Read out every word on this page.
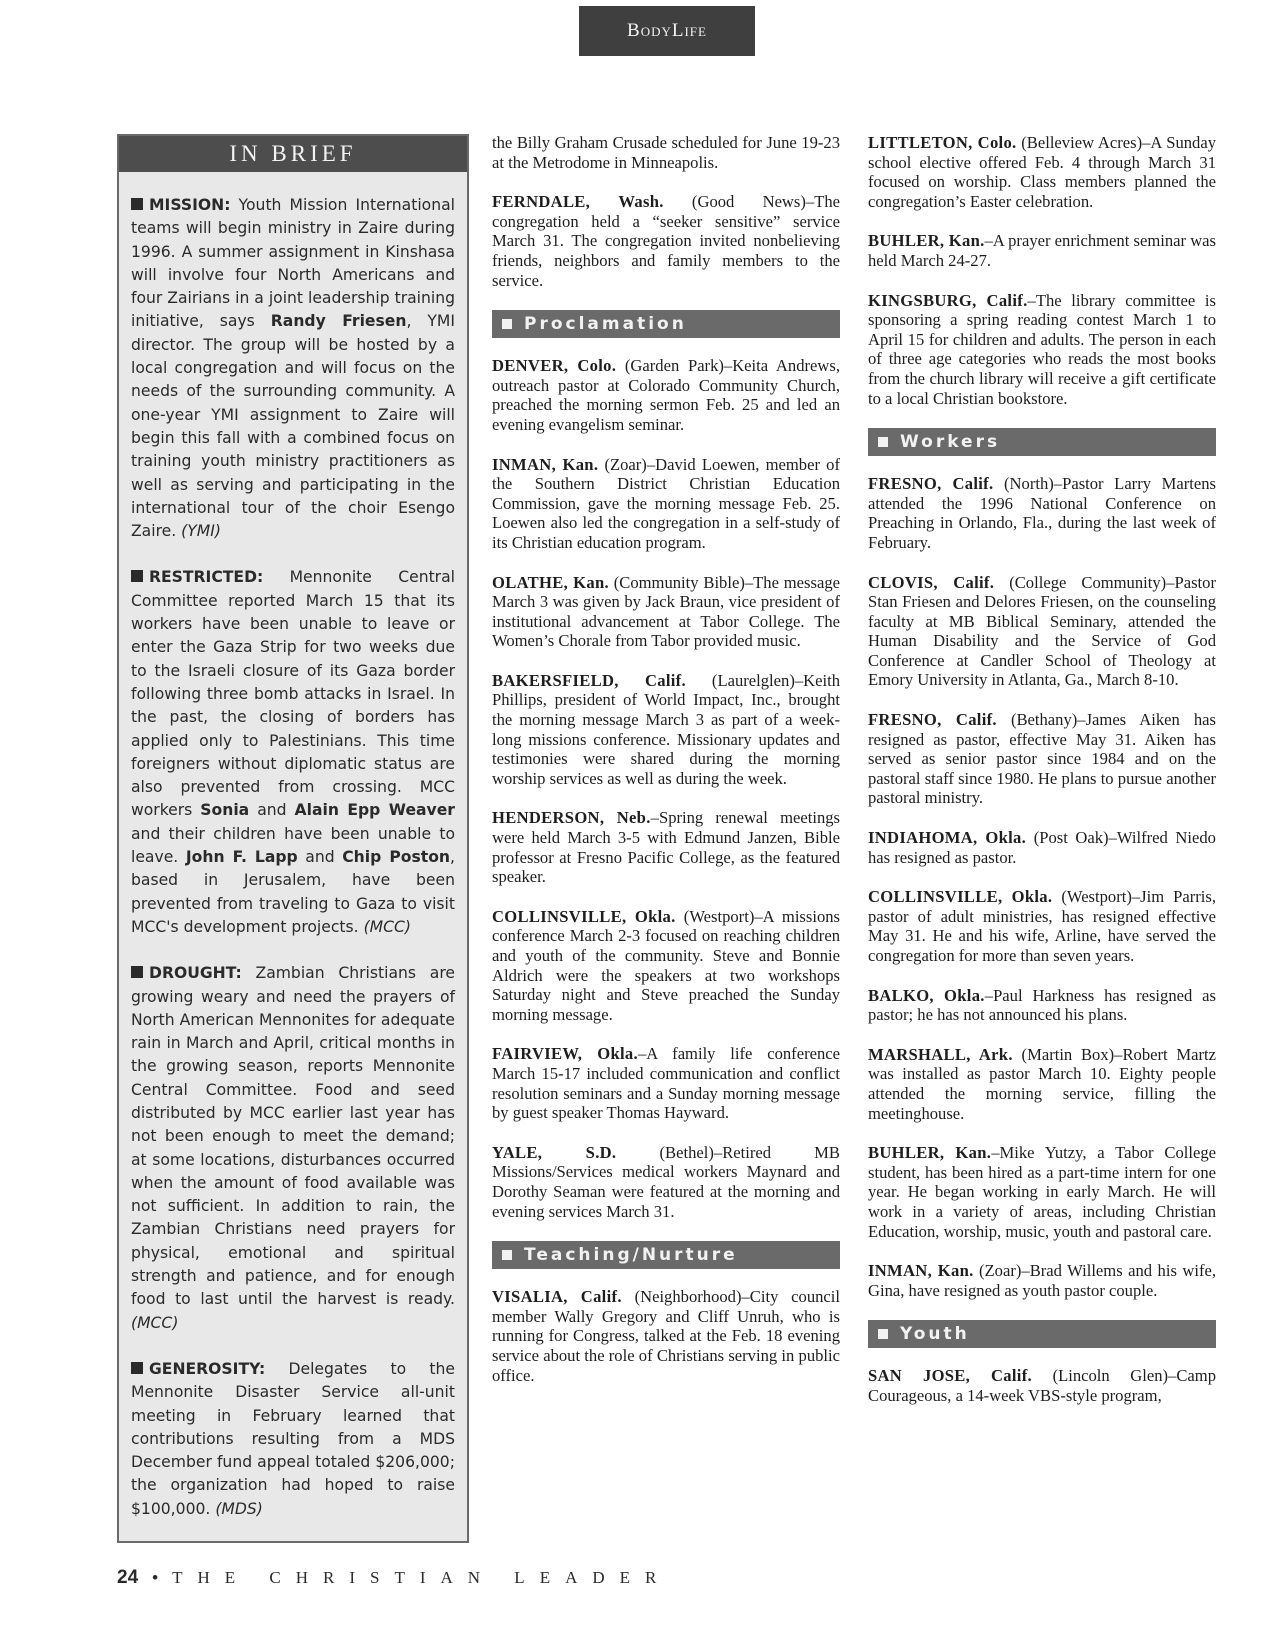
BodyLife
IN BRIEF

MISSION: Youth Mission International teams will begin ministry in Zaire during 1996. A summer assignment in Kinshasa will involve four North Americans and four Zairians in a joint leadership training initiative, says Randy Friesen, YMI director. The group will be hosted by a local congregation and will focus on the needs of the surrounding community. A one-year YMI assignment to Zaire will begin this fall with a combined focus on training youth ministry practitioners as well as serving and participating in the international tour of the choir Esengo Zaire. (YMI)

RESTRICTED: Mennonite Central Committee reported March 15 that its workers have been unable to leave or enter the Gaza Strip for two weeks due to the Israeli closure of its Gaza border following three bomb attacks in Israel. In the past, the closing of borders has applied only to Palestinians. This time foreigners without diplomatic status are also prevented from crossing. MCC workers Sonia and Alain Epp Weaver and their children have been unable to leave. John F. Lapp and Chip Poston, based in Jerusalem, have been prevented from traveling to Gaza to visit MCC's development projects. (MCC)

DROUGHT: Zambian Christians are growing weary and need the prayers of North American Mennonites for adequate rain in March and April, critical months in the growing season, reports Mennonite Central Committee. Food and seed distributed by MCC earlier last year has not been enough to meet the demand; at some locations, disturbances occurred when the amount of food available was not sufficient. In addition to rain, the Zambian Christians need prayers for physical, emotional and spiritual strength and patience, and for enough food to last until the harvest is ready. (MCC)

GENEROSITY: Delegates to the Mennonite Disaster Service all-unit meeting in February learned that contributions resulting from a MDS December fund appeal totaled $206,000; the organization had hoped to raise $100,000. (MDS)

the Billy Graham Crusade scheduled for June 19-23 at the Metrodome in Minneapolis.

FERNDALE, Wash. (Good News)–The congregation held a “seeker sensitive” service March 31. The congregation invited nonbelieving friends, neighbors and family members to the service.

Proclamation

DENVER, Colo. (Garden Park)–Keita Andrews, outreach pastor at Colorado Community Church, preached the morning sermon Feb. 25 and led an evening evangelism seminar.

INMAN, Kan. (Zoar)–David Loewen, member of the Southern District Christian Education Commission, gave the morning message Feb. 25. Loewen also led the congregation in a self-study of its Christian education program.

OLATHE, Kan. (Community Bible)–The message March 3 was given by Jack Braun, vice president of institutional advancement at Tabor College. The Women’s Chorale from Tabor provided music.

BAKERSFIELD, Calif. (Laurelglen)–Keith Phillips, president of World Impact, Inc., brought the morning message March 3 as part of a week-long missions conference. Missionary updates and testimonies were shared during the morning worship services as well as during the week.

HENDERSON, Neb.–Spring renewal meetings were held March 3-5 with Edmund Janzen, Bible professor at Fresno Pacific College, as the featured speaker.

COLLINSVILLE, Okla. (Westport)–A missions conference March 2-3 focused on reaching children and youth of the community. Steve and Bonnie Aldrich were the speakers at two workshops Saturday night and Steve preached the Sunday morning message.

FAIRVIEW, Okla.–A family life conference March 15-17 included communication and conflict resolution seminars and a Sunday morning message by guest speaker Thomas Hayward.

YALE, S.D. (Bethel)–Retired MB Missions/Services medical workers Maynard and Dorothy Seaman were featured at the morning and evening services March 31.

Teaching/Nurture

VISALIA, Calif. (Neighborhood)–City council member Wally Gregory and Cliff Unruh, who is running for Congress, talked at the Feb. 18 evening service about the role of Christians serving in public office.

LITTLETON, Colo. (Belleview Acres)–A Sunday school elective offered Feb. 4 through March 31 focused on worship. Class members planned the congregation’s Easter celebration.

BUHLER, Kan.–A prayer enrichment seminar was held March 24-27.

KINGSBURG, Calif.–The library committee is sponsoring a spring reading contest March 1 to April 15 for children and adults. The person in each of three age categories who reads the most books from the church library will receive a gift certificate to a local Christian bookstore.

Workers

FRESNO, Calif. (North)–Pastor Larry Martens attended the 1996 National Conference on Preaching in Orlando, Fla., during the last week of February.

CLOVIS, Calif. (College Community)–Pastor Stan Friesen and Delores Friesen, on the counseling faculty at MB Biblical Seminary, attended the Human Disability and the Service of God Conference at Candler School of Theology at Emory University in Atlanta, Ga., March 8-10.

FRESNO, Calif. (Bethany)–James Aiken has resigned as pastor, effective May 31. Aiken has served as senior pastor since 1984 and on the pastoral staff since 1980. He plans to pursue another pastoral ministry.

INDIAHOMA, Okla. (Post Oak)–Wilfred Niedo has resigned as pastor.

COLLINSVILLE, Okla. (Westport)–Jim Parris, pastor of adult ministries, has resigned effective May 31. He and his wife, Arline, have served the congregation for more than seven years.

BALKO, Okla.–Paul Harkness has resigned as pastor; he has not announced his plans.

MARSHALL, Ark. (Martin Box)–Robert Martz was installed as pastor March 10. Eighty people attended the morning service, filling the meetinghouse.

BUHLER, Kan.–Mike Yutzy, a Tabor College student, has been hired as a part-time intern for one year. He began working in early March. He will work in a variety of areas, including Christian Education, worship, music, youth and pastoral care.

INMAN, Kan. (Zoar)–Brad Willems and his wife, Gina, have resigned as youth pastor couple.

Youth

SAN JOSE, Calif. (Lincoln Glen)–Camp Courageous, a 14-week VBS-style program,

24 • THE CHRISTIAN LEADER
